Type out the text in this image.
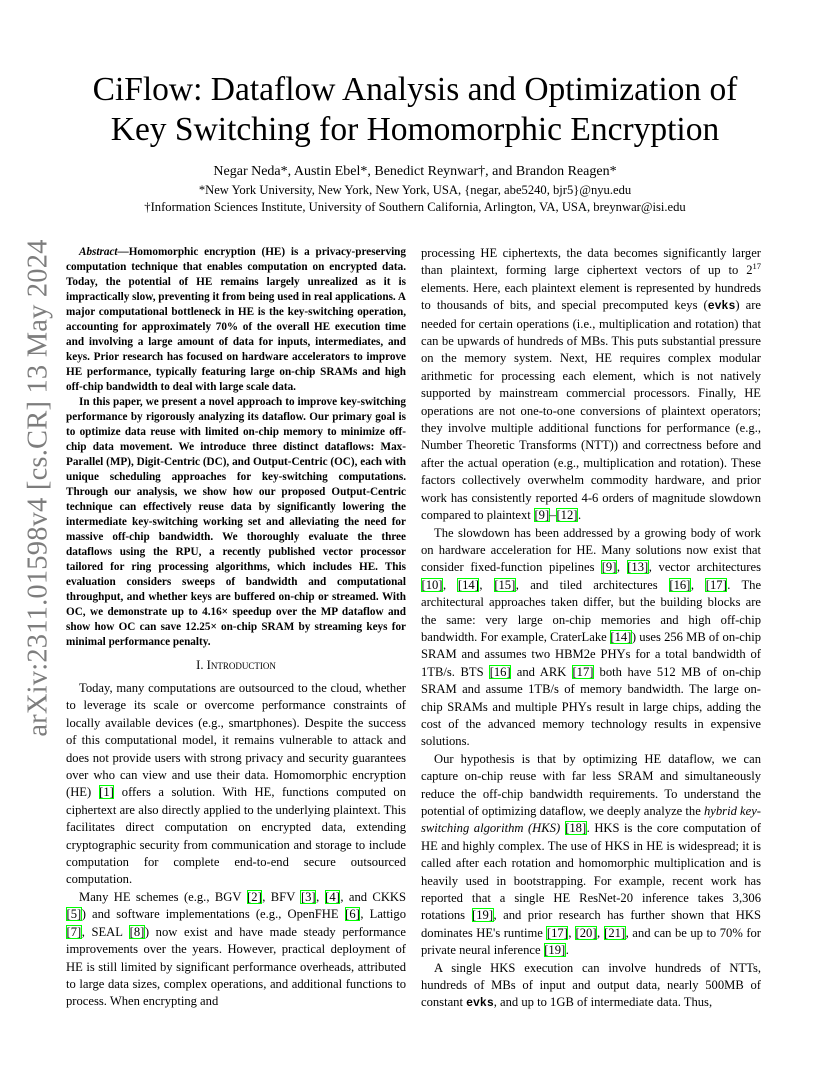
arXiv:2311.01598v4 [cs.CR] 13 May 2024
CiFlow: Dataflow Analysis and Optimization of
Key Switching for Homomorphic Encryption
Negar Neda*, Austin Ebel*, Benedict Reynwar†, and Brandon Reagen*
*New York University, New York, New York, USA, {negar, abe5240, bjr5}@nyu.edu
†Information Sciences Institute, University of Southern California, Arlington, VA, USA, breynwar@isi.edu

Abstract—Homomorphic encryption (HE) is a privacy-preserving computation technique that enables computation on encrypted data. Today, the potential of HE remains largely unrealized as it is impractically slow, preventing it from being used in real applications. A major computational bottleneck in HE is the key-switching operation, accounting for approximately 70% of the overall HE execution time and involving a large amount of data for inputs, intermediates, and keys. Prior research has focused on hardware accelerators to improve HE performance, typically featuring large on-chip SRAMs and high off-chip bandwidth to deal with large scale data.

In this paper, we present a novel approach to improve key-switching performance by rigorously analyzing its dataflow. Our primary goal is to optimize data reuse with limited on-chip memory to minimize off-chip data movement. We introduce three distinct dataflows: Max-Parallel (MP), Digit-Centric (DC), and Output-Centric (OC), each with unique scheduling approaches for key-switching computations. Through our analysis, we show how our proposed Output-Centric technique can effectively reuse data by significantly lowering the intermediate key-switching working set and alleviating the need for massive off-chip bandwidth. We thoroughly evaluate the three dataflows using the RPU, a recently published vector processor tailored for ring processing algorithms, which includes HE. This evaluation considers sweeps of bandwidth and computational throughput, and whether keys are buffered on-chip or streamed. With OC, we demonstrate up to 4.16× speedup over the MP dataflow and show how OC can save 12.25× on-chip SRAM by streaming keys for minimal performance penalty.

I. Introduction

Today, many computations are outsourced to the cloud, whether to leverage its scale or overcome performance constraints of locally available devices (e.g., smartphones). Despite the success of this computational model, it remains vulnerable to attack and does not provide users with strong privacy and security guarantees over who can view and use their data. Homomorphic encryption (HE) [1] offers a solution. With HE, functions computed on ciphertext are also directly applied to the underlying plaintext. This facilitates direct computation on encrypted data, extending cryptographic security from communication and storage to include computation for complete end-to-end secure outsourced computation.

Many HE schemes (e.g., BGV [2], BFV [3], [4], and CKKS [5]) and software implementations (e.g., OpenFHE [6], Lattigo [7], SEAL [8]) now exist and have made steady performance improvements over the years. However, practical deployment of HE is still limited by significant performance overheads, attributed to large data sizes, complex operations, and additional functions to process. When encrypting and

processing HE ciphertexts, the data becomes significantly larger than plaintext, forming large ciphertext vectors of up to $2^{17}$ elements. Here, each plaintext element is represented by hundreds to thousands of bits, and special precomputed keys (evks) are needed for certain operations (i.e., multiplication and rotation) that can be upwards of hundreds of MBs. This puts substantial pressure on the memory system. Next, HE requires complex modular arithmetic for processing each element, which is not natively supported by mainstream commercial processors. Finally, HE operations are not one-to-one conversions of plaintext operators; they involve multiple additional functions for performance (e.g., Number Theoretic Transforms (NTT)) and correctness before and after the actual operation (e.g., multiplication and rotation). These factors collectively overwhelm commodity hardware, and prior work has consistently reported 4-6 orders of magnitude slowdown compared to plaintext [9]–[12].

The slowdown has been addressed by a growing body of work on hardware acceleration for HE. Many solutions now exist that consider fixed-function pipelines [9], [13], vector architectures [10], [14], [15], and tiled architectures [16], [17]. The architectural approaches taken differ, but the building blocks are the same: very large on-chip memories and high off-chip bandwidth. For example, CraterLake [14]) uses 256 MB of on-chip SRAM and assumes two HBM2e PHYs for a total bandwidth of 1TB/s. BTS [16] and ARK [17] both have 512 MB of on-chip SRAM and assume 1TB/s of memory bandwidth. The large on-chip SRAMs and multiple PHYs result in large chips, adding the cost of the advanced memory technology results in expensive solutions.

Our hypothesis is that by optimizing HE dataflow, we can capture on-chip reuse with far less SRAM and simultaneously reduce the off-chip bandwidth requirements. To understand the potential of optimizing dataflow, we deeply analyze the hybrid key-switching algorithm (HKS) [18]. HKS is the core computation of HE and highly complex. The use of HKS in HE is widespread; it is called after each rotation and homomorphic multiplication and is heavily used in bootstrapping. For example, recent work has reported that a single HE ResNet-20 inference takes 3,306 rotations [19], and prior research has further shown that HKS dominates HE's runtime [17], [20], [21], and can be up to 70% for private neural inference [19].

A single HKS execution can involve hundreds of NTTs, hundreds of MBs of input and output data, nearly 500MB of constant evks, and up to 1GB of intermediate data. Thus,
